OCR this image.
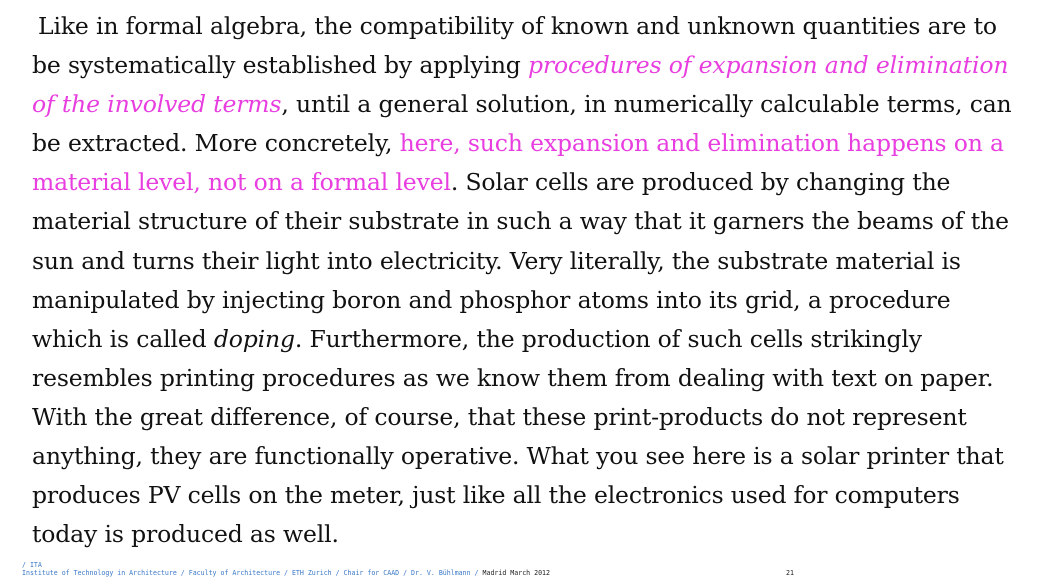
Like in formal algebra, the compatibility of known and unknown quantities are to be systematically established by applying procedures of expansion and elimination of the involved terms, until a general solution, in numerically calculable terms, can be extracted. More concretely, here, such expansion and elimination happens on a material level, not on a formal level. Solar cells are produced by changing the material structure of their substrate in such a way that it garners the beams of the sun and turns their light into electricity. Very literally, the substrate material is manipulated by injecting boron and phosphor atoms into its grid, a procedure which is called doping. Furthermore, the production of such cells strikingly resembles printing procedures as we know them from dealing with text on paper. With the great difference, of course, that these print-products do not represent anything, they are functionally operative. What you see here is a solar printer that produces PV cells on the meter, just like all the electronics used for computers today is produced as well.

/ ITA
Institute of Technology in Architecture / Faculty of Architecture / ETH Zurich / Chair for CAAD / Dr. V. Bühlmann / Madrid March 2012	21
